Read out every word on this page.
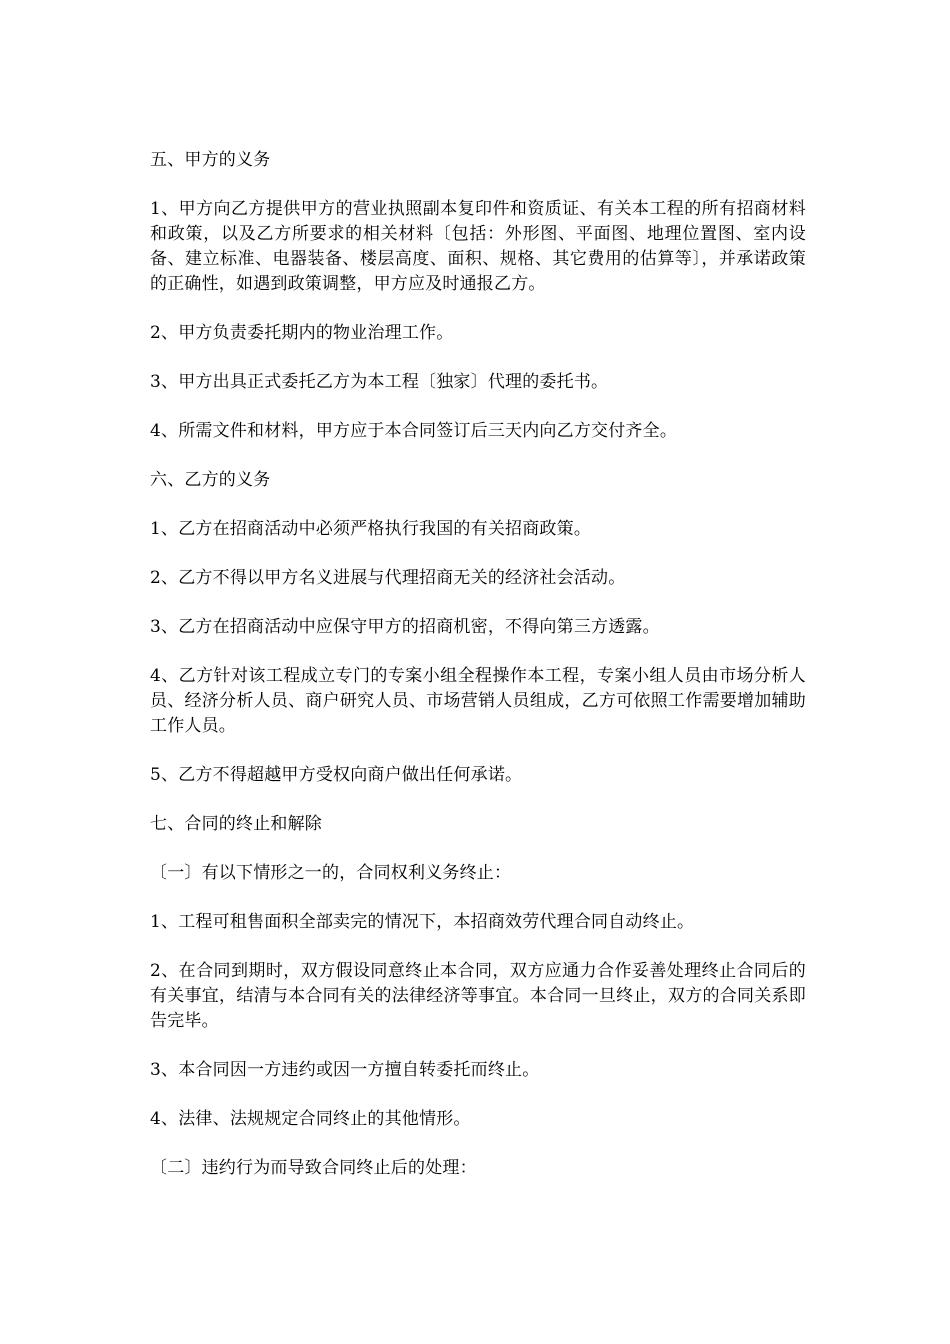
五、甲方的义务

1、甲方向乙方提供甲方的营业执照副本复印件和资质证、有关本工程的所有招商材料和政策，以及乙方所要求的相关材料〔包括：外形图、平面图、地理位置图、室内设备、建立标准、电器装备、楼层高度、面积、规格、其它费用的估算等〕，并承诺政策的正确性，如遇到政策调整，甲方应及时通报乙方。

2、甲方负责委托期内的物业治理工作。

3、甲方出具正式委托乙方为本工程〔独家〕代理的委托书。

4、所需文件和材料，甲方应于本合同签订后三天内向乙方交付齐全。

六、乙方的义务

1、乙方在招商活动中必须严格执行我国的有关招商政策。

2、乙方不得以甲方名义进展与代理招商无关的经济社会活动。

3、乙方在招商活动中应保守甲方的招商机密，不得向第三方透露。

4、乙方针对该工程成立专门的专案小组全程操作本工程，专案小组人员由市场分析人员、经济分析人员、商户研究人员、市场营销人员组成，乙方可依照工作需要增加辅助工作人员。

5、乙方不得超越甲方受权向商户做出任何承诺。

七、合同的终止和解除

〔一〕有以下情形之一的，合同权利义务终止：

1、工程可租售面积全部卖完的情况下，本招商效劳代理合同自动终止。

2、在合同到期时，双方假设同意终止本合同，双方应通力合作妥善处理终止合同后的有关事宜，结清与本合同有关的法律经济等事宜。本合同一旦终止，双方的合同关系即告完毕。

3、本合同因一方违约或因一方擅自转委托而终止。

4、法律、法规规定合同终止的其他情形。

〔二〕违约行为而导致合同终止后的处理：
